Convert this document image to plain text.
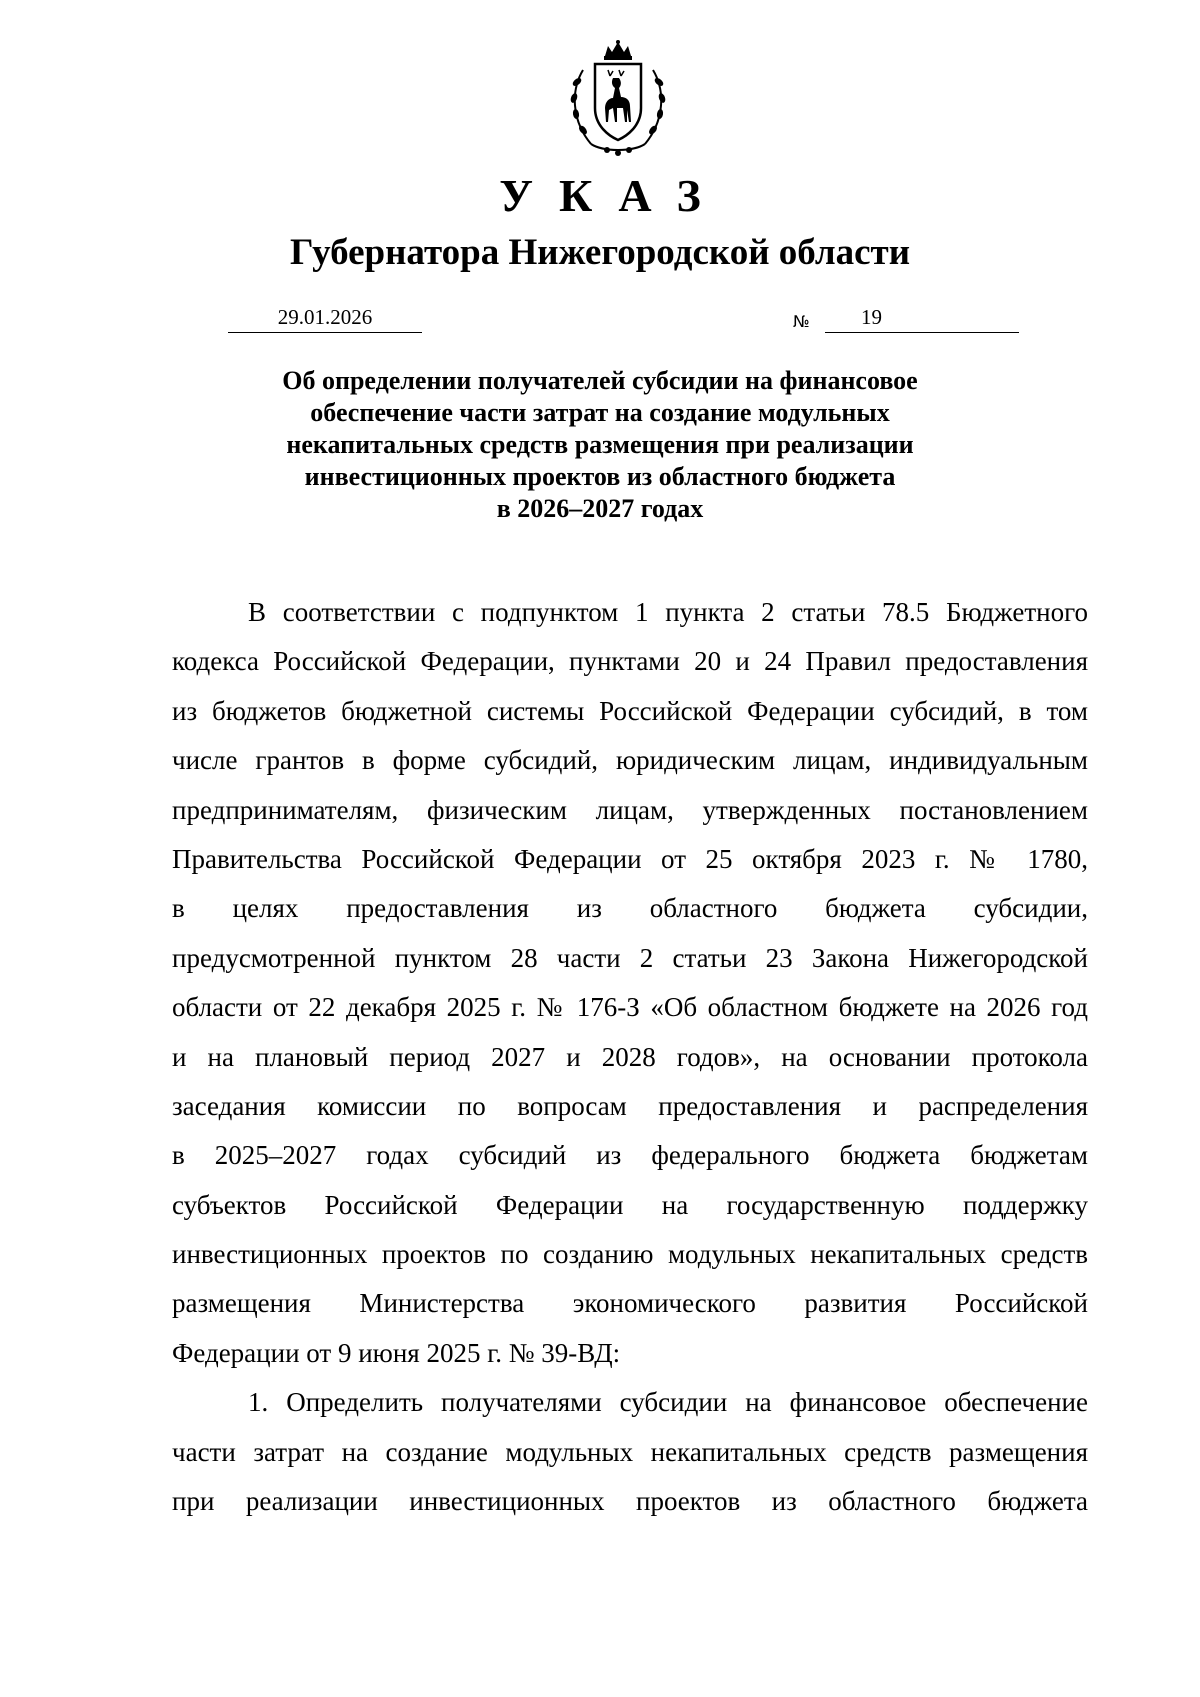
УКАЗ
Губернатора Нижегородской области
29.01.2026	№ 19
Об определении получателей субсидии на финансовое
обеспечение части затрат на создание модульных
некапитальных средств размещения при реализации
инвестиционных проектов из областного бюджета
в 2026–2027 годах

В соответствии с подпунктом 1 пункта 2 статьи 78.5 Бюджетного
кодекса Российской Федерации, пунктами 20 и 24 Правил предоставления
из бюджетов бюджетной системы Российской Федерации субсидий, в том
числе грантов в форме субсидий, юридическим лицам, индивидуальным
предпринимателям, физическим лицам, утвержденных постановлением
Правительства Российской Федерации от 25 октября 2023 г. № 1780,
в целях предоставления из областного бюджета субсидии,
предусмотренной пунктом 28 части 2 статьи 23 Закона Нижегородской
области от 22 декабря 2025 г. № 176-З «Об областном бюджете на 2026 год
и на плановый период 2027 и 2028 годов», на основании протокола
заседания комиссии по вопросам предоставления и распределения
в 2025–2027 годах субсидий из федерального бюджета бюджетам
субъектов Российской Федерации на государственную поддержку
инвестиционных проектов по созданию модульных некапитальных средств
размещения Министерства экономического развития Российской
Федерации от 9 июня 2025 г. № 39-ВД:

1. Определить получателями субсидии на финансовое обеспечение
части затрат на создание модульных некапитальных средств размещения
при реализации инвестиционных проектов из областного бюджета
